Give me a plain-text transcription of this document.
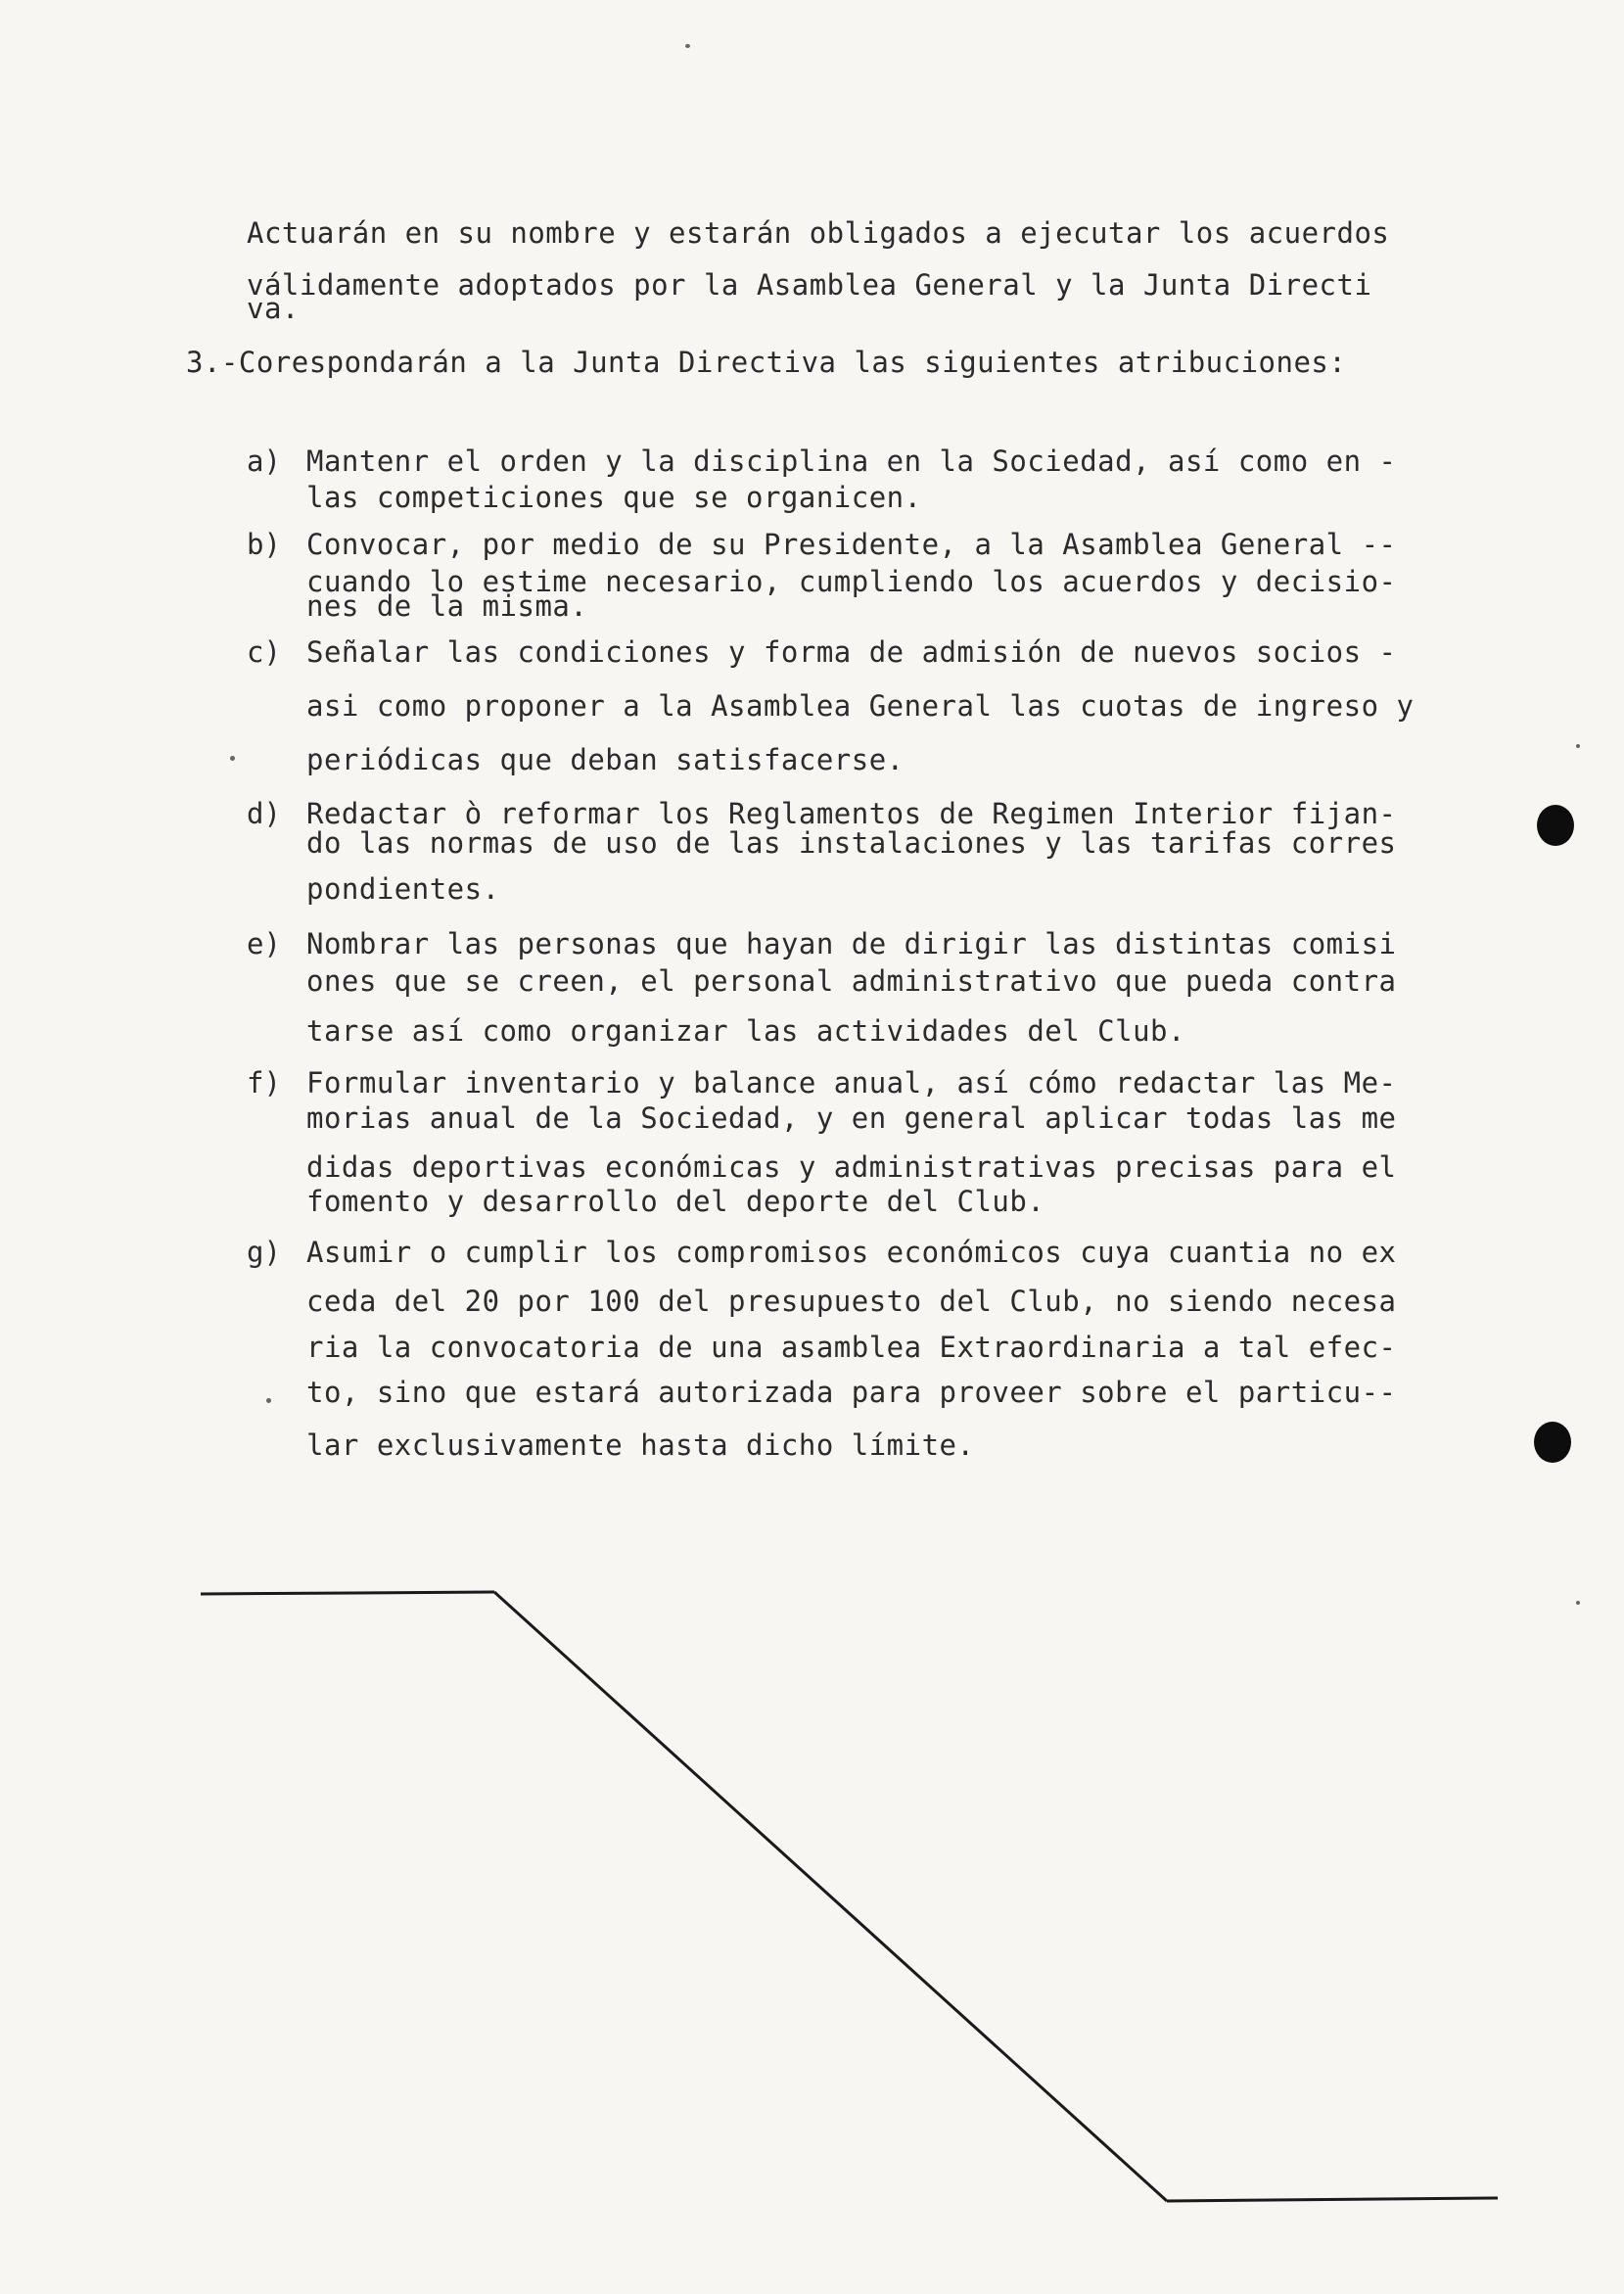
Actuarán en su nombre y estarán obligados a ejecutar los acuerdos
válidamente adoptados por la Asamblea General y la Junta Directi
va.
3.-Corespondarán a la Junta Directiva las siguientes atribuciones:
a) Mantenr el orden y la disciplina en la Sociedad, así como en -
las competiciones que se organicen.
b) Convocar, por medio de su Presidente, a la Asamblea General --
cuando lo estime necesario, cumpliendo los acuerdos y decisio-
nes de la misma.
c) Señalar las condiciones y forma de admisión de nuevos socios -
asi como proponer a la Asamblea General las cuotas de ingreso y
periódicas que deban satisfacerse.
d) Redactar ò reformar los Reglamentos de Regimen Interior fijan-
do las normas de uso de las instalaciones y las tarifas corres
pondientes.
e) Nombrar las personas que hayan de dirigir las distintas comisi
ones que se creen, el personal administrativo que pueda contra
tarse así como organizar las actividades del Club.
f) Formular inventario y balance anual, así cómo redactar las Me-
morias anual de la Sociedad, y en general aplicar todas las me
didas deportivas económicas y administrativas precisas para el
fomento y desarrollo del deporte del Club.
g) Asumir o cumplir los compromisos económicos cuya cuantia no ex
ceda del 20 por 100 del presupuesto del Club, no siendo necesa
ria la convocatoria de una asamblea Extraordinaria a tal efec-
to, sino que estará autorizada para proveer sobre el particu--
lar exclusivamente hasta dicho límite.
